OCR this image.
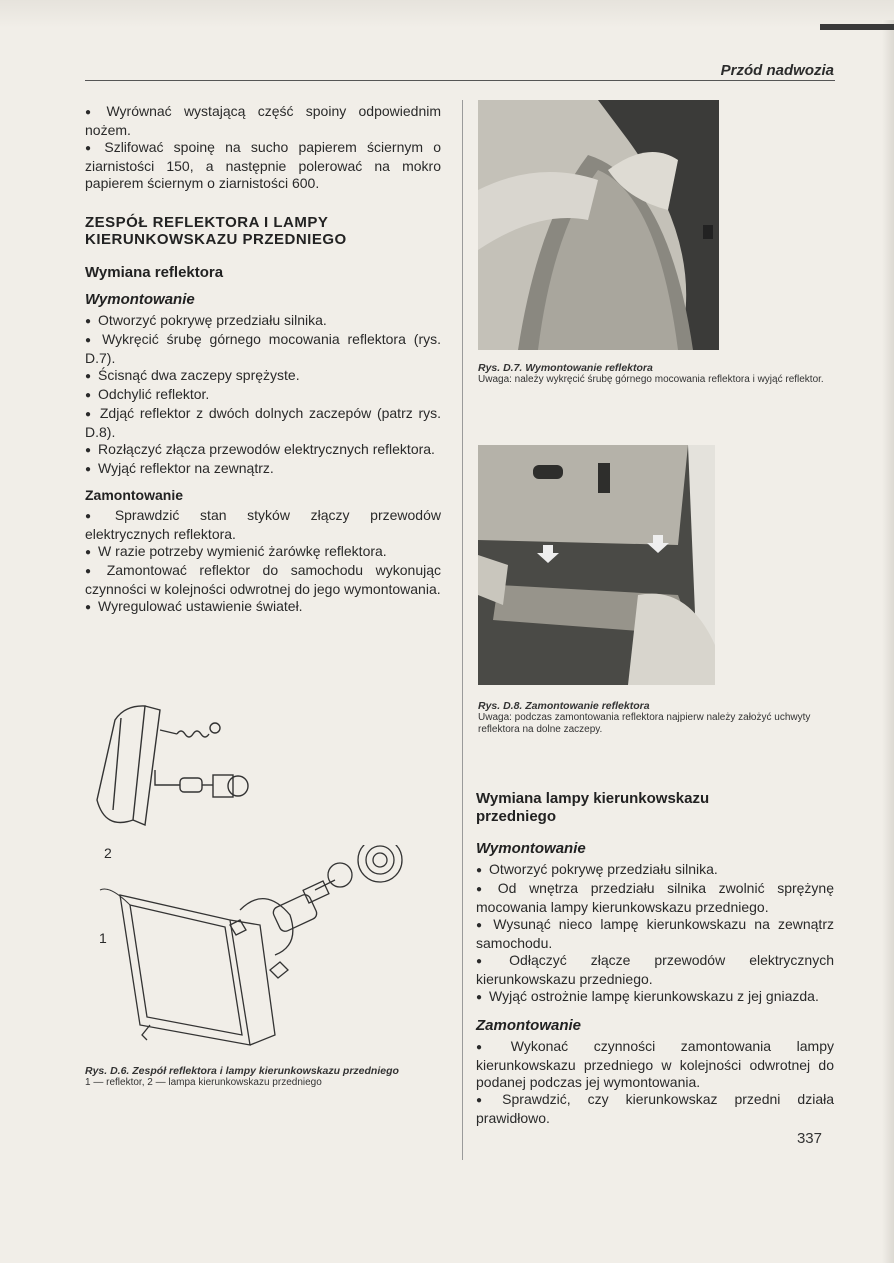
Przód nadwozia

● Wyrównać wystającą część spoiny odpowiednim nożem.

● Szlifować spoinę na sucho papierem ściernym o ziarnistości 150, a następnie polerować na mokro papierem ściernym o ziarnistości 600.

ZESPÓŁ REFLEKTORA I LAMPY
KIERUNKOWSKAZU PRZEDNIEGO
Wymiana reflektora
Wymontowanie

● Otworzyć pokrywę przedziału silnika.

● Wykręcić śrubę górnego mocowania reflektora (rys. D.7).

● Ścisnąć dwa zaczepy sprężyste.

● Odchylić reflektor.

● Zdjąć reflektor z dwóch dolnych zaczepów (patrz rys. D.8).

● Rozłączyć złącza przewodów elektrycznych reflektora.

● Wyjąć reflektor na zewnątrz.

Zamontowanie

● Sprawdzić stan styków złączy przewodów elektrycznych reflektora.

● W razie potrzeby wymienić żarówkę reflektora.

● Zamontować reflektor do samochodu wykonując czynności w kolejności odwrotnej do jego wymontowania.

● Wyregulować ustawienie świateł.

2
1
Rys. D.6. Zespół reflektora i lampy kierunkowskazu przedniego
1 — reflektor, 2 — lampa kierunkowskazu przedniego
Rys. D.7. Wymontowanie reflektora
Uwaga: należy wykręcić śrubę górnego mocowania reflektora i wyjąć reflektor.
Rys. D.8. Zamontowanie reflektora
Uwaga: podczas zamontowania reflektora najpierw należy założyć uchwyty reflektora na dolne zaczepy.
Wymiana lampy kierunkowskazu
przedniego
Wymontowanie

● Otworzyć pokrywę przedziału silnika.

● Od wnętrza przedziału silnika zwolnić sprężynę mocowania lampy kierunkowskazu przedniego.

● Wysunąć nieco lampę kierunkowskazu na zewnątrz samochodu.

● Odłączyć złącze przewodów elektrycznych kierunkowskazu przedniego.

● Wyjąć ostrożnie lampę kierunkowskazu z jej gniazda.

Zamontowanie

● Wykonać czynności zamontowania lampy kierunkowskazu przedniego w kolejności odwrotnej do podanej podczas jej wymontowania.

● Sprawdzić, czy kierunkowskaz przedni działa prawidłowo.

337
